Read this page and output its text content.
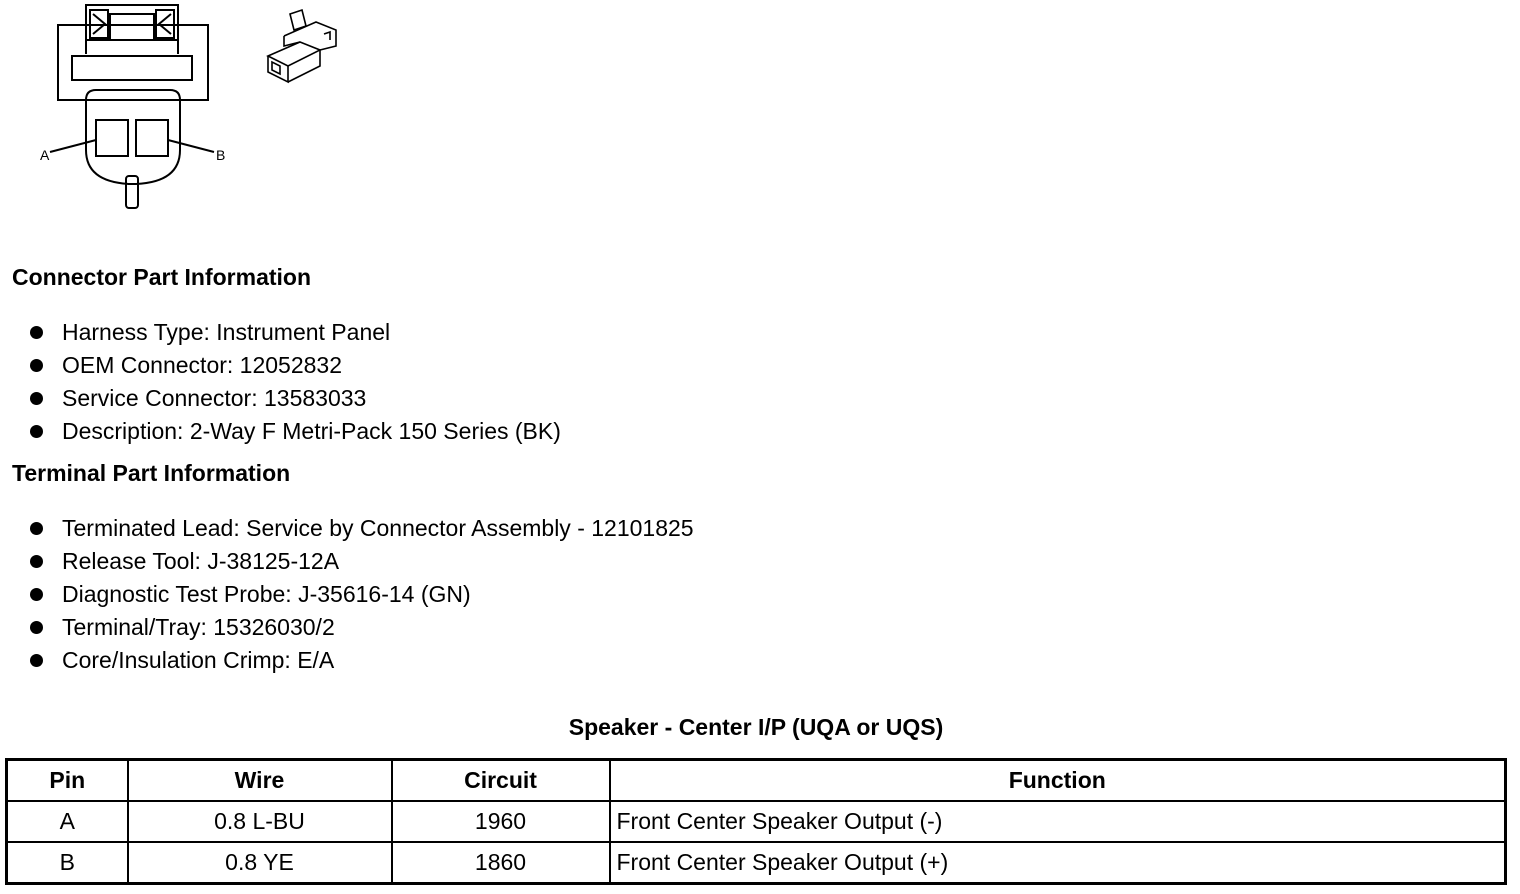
A	B
Connector Part Information
Harness Type: Instrument Panel
OEM Connector: 12052832
Service Connector: 13583033
Description: 2-Way F Metri-Pack 150 Series (BK)
Terminal Part Information
Terminated Lead: Service by Connector Assembly - 12101825
Release Tool: J-38125-12A
Diagnostic Test Probe: J-35616-14 (GN)
Terminal/Tray: 15326030/2
Core/Insulation Crimp: E/A
Speaker - Center I/P (UQA or UQS)
Pin	Wire	Circuit	Function
A	0.8 L-BU	1960	Front Center Speaker Output (-)
B	0.8 YE	1860	Front Center Speaker Output (+)
